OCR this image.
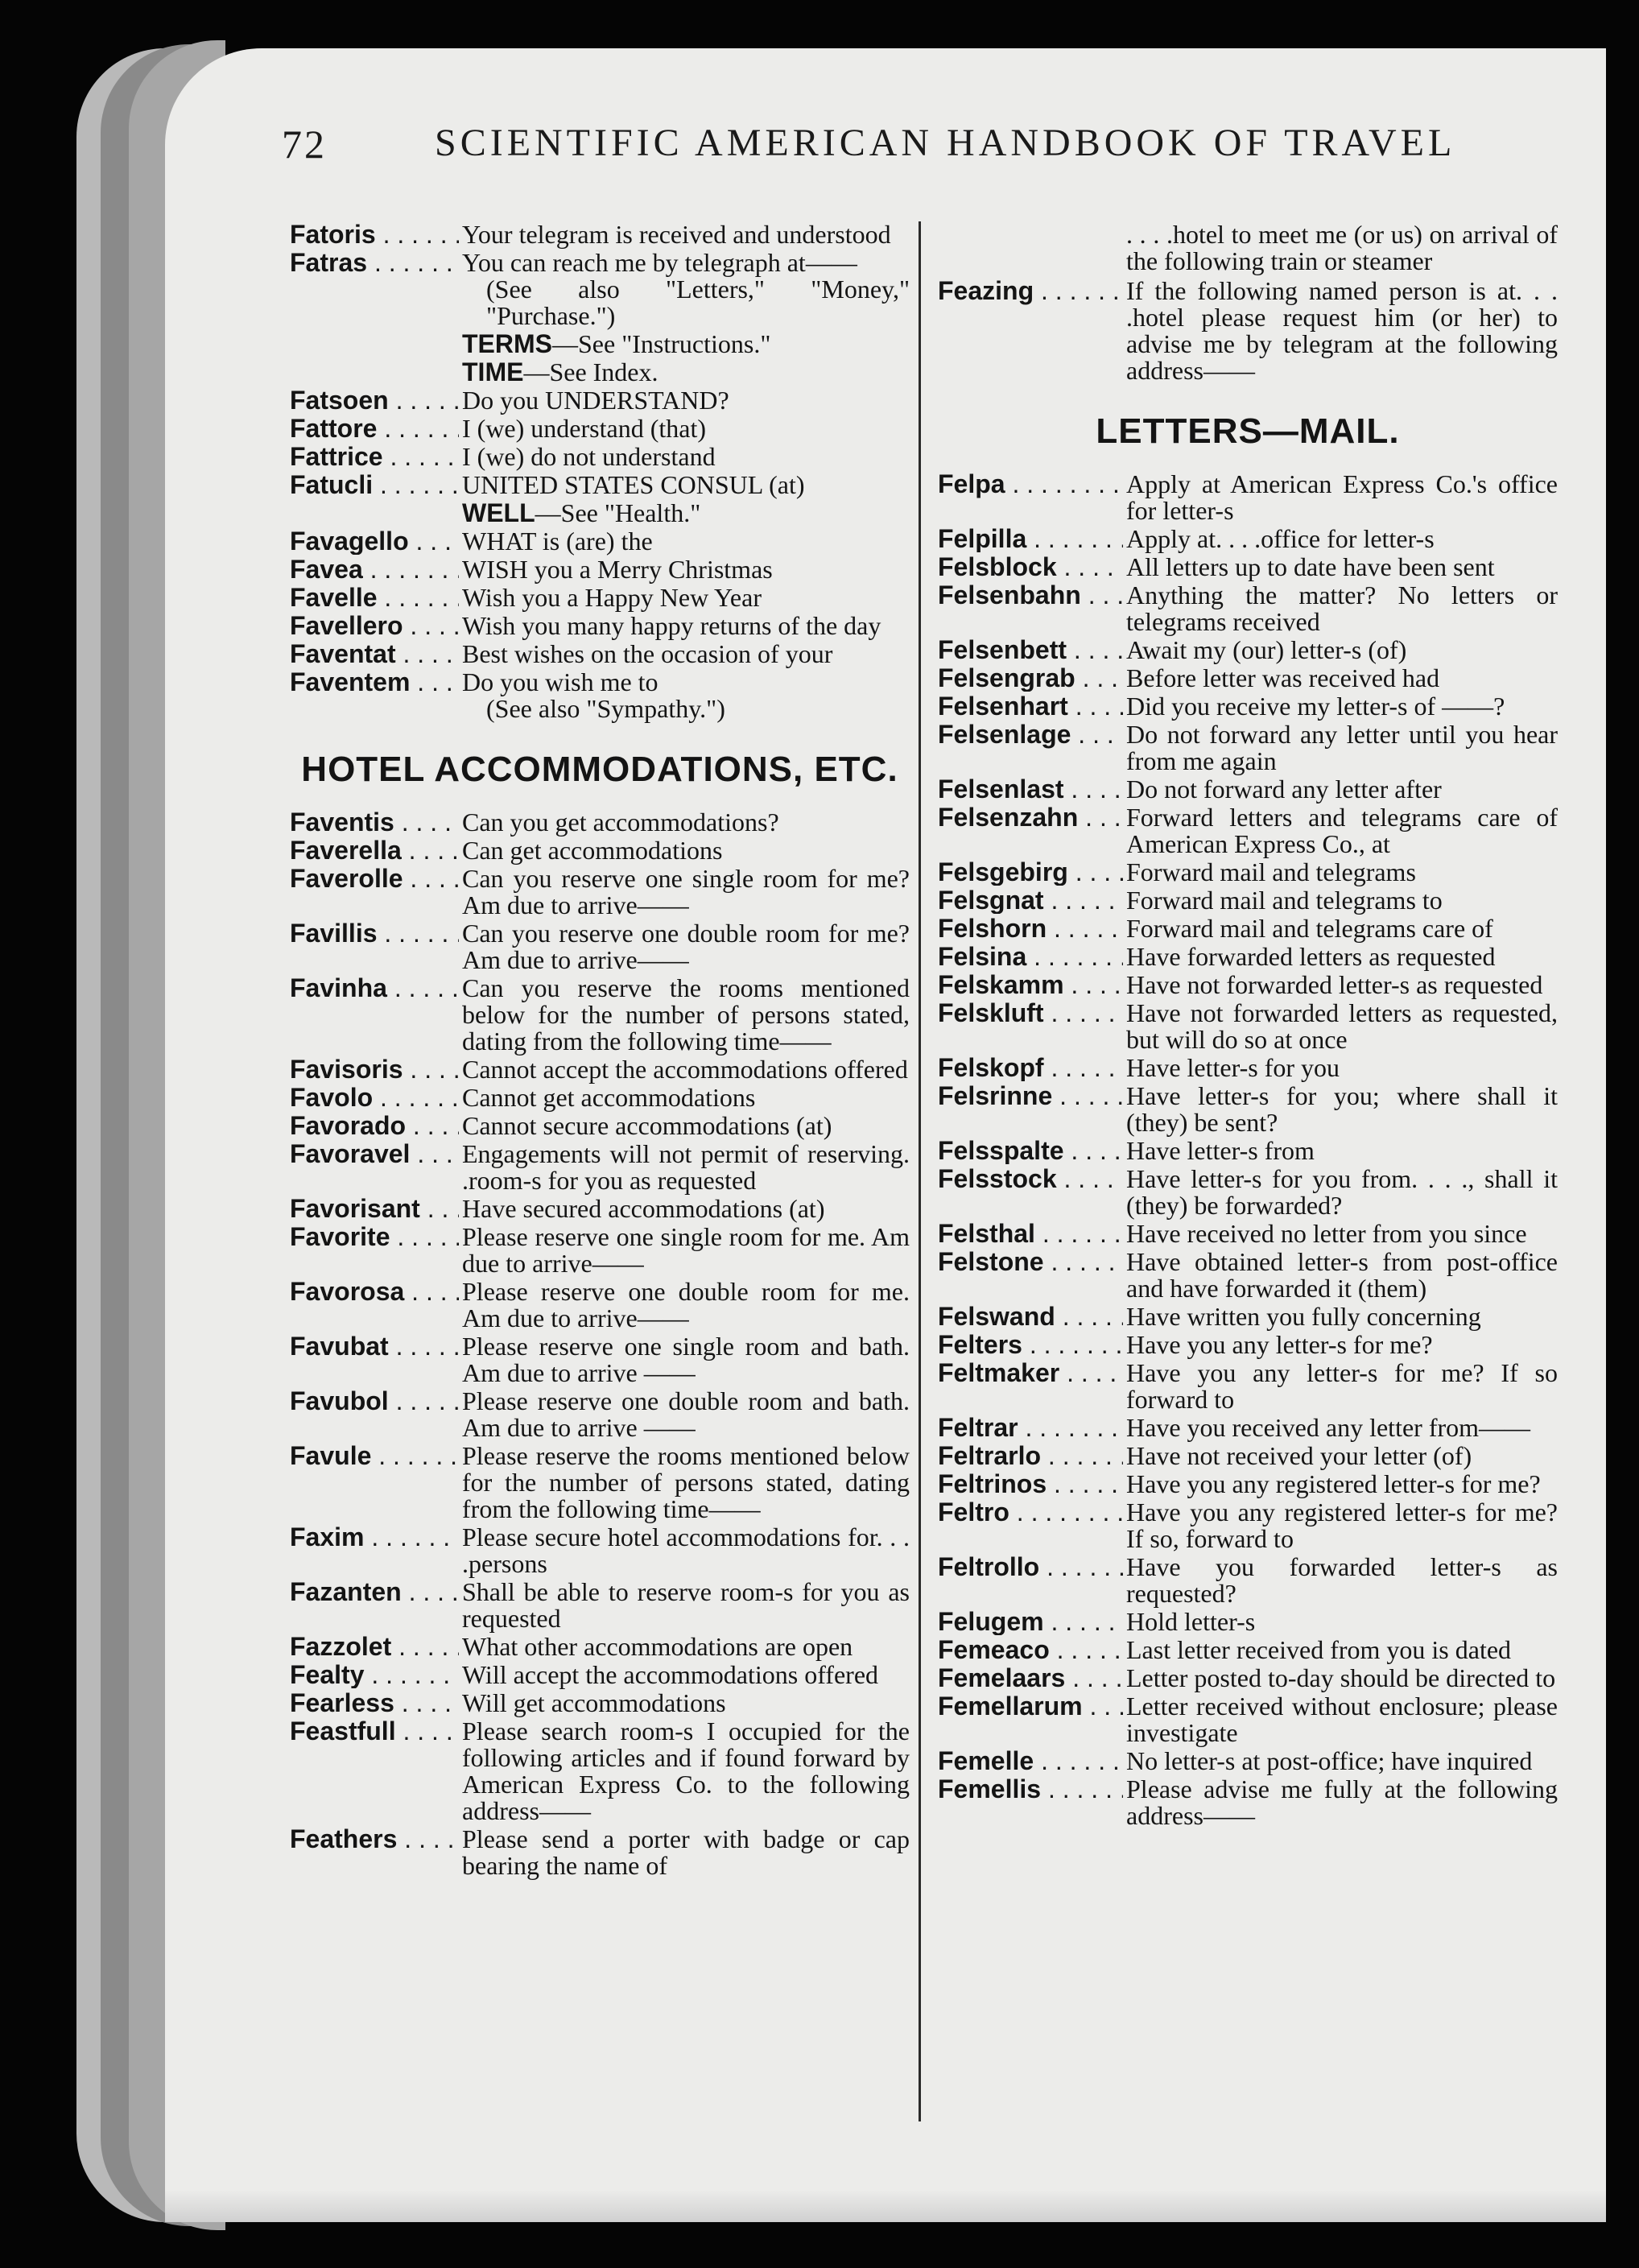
72	SCIENTIFIC AMERICAN HANDBOOK OF TRAVEL
Fatoris . . .	Your telegram is received and understood
Fatras . . .	You can reach me by telegraph at——
(See also "Letters," "Money," "Purchase.")
TERMS—See "Instructions."
TIME—See Index.
Fatsoen . . .	Do you UNDERSTAND?
Fattore . . .	I (we) understand (that)
Fattrice . . .	I (we) do not understand
Fatucli . . .	UNITED STATES CONSUL (at)
WELL—See "Health."
Favagello . . .	WHAT is (are) the
Favea . . .	WISH you a Merry Christmas
Favelle . . .	Wish you a Happy New Year
Favellero . . .	Wish you many happy returns of the day
Faventat . . .	Best wishes on the occasion of your
Faventem . . .	Do you wish me to
(See also "Sympathy.")
HOTEL ACCOMMODATIONS, ETC.
Faventis . . .	Can you get accommodations?
Faverella . . .	Can get accommodations
Faverolle . . .	Can you reserve one single room for me? Am due to arrive——
Favillis . . .	Can you reserve one double room for me? Am due to arrive——
Favinha . . .	Can you reserve the rooms mentioned below for the number of persons stated, dating from the following time——
Favisoris . . .	Cannot accept the accommodations offered
Favolo . . .	Cannot get accommodations
Favorado . . .	Cannot secure accommodations (at)
Favoravel . . .	Engagements will not permit of reserving. .room-s for you as requested
Favorisant . . .	Have secured accommodations (at)
Favorite . . .	Please reserve one single room for me. Am due to arrive——
Favorosa . . .	Please reserve one double room for me. Am due to arrive——
Favubat . . .	Please reserve one single room and bath. Am due to arrive ——
Favubol . . .	Please reserve one double room and bath. Am due to arrive ——
Favule . . .	Please reserve the rooms mentioned below for the number of persons stated, dating from the following time——
Faxim . . .	Please secure hotel accommodations for. . . .persons
Fazanten . . .	Shall be able to reserve room-s for you as requested
Fazzolet . . .	What other accommodations are open
Fealty . . .	Will accept the accommodations offered
Fearless . . .	Will get accommodations
Feastfull . . .	Please search room-s I occupied for the following articles and if found forward by American Express Co. to the following address——
Feathers . . .	Please send a porter with badge or cap bearing the name of
. . . .hotel to meet me (or us) on arrival of the following train or steamer
Feazing . . .	If the following named person is at. . . .hotel please request him (or her) to advise me by telegram at the following address——
LETTERS—MAIL.
Felpa . . .	Apply at American Express Co.'s office for letter-s
Felpilla . . .	Apply at. . . .office for letter-s
Felsblock . . .	All letters up to date have been sent
Felsenbahn . . .	Anything the matter? No letters or telegrams received
Felsenbett . . .	Await my (our) letter-s (of)
Felsengrab . . .	Before letter was received had
Felsenhart . . .	Did you receive my letter-s of ——?
Felsenlage . . .	Do not forward any letter until you hear from me again
Felsenlast . . .	Do not forward any letter after
Felsenzahn . . .	Forward letters and telegrams care of American Express Co., at
Felsgebirg . . .	Forward mail and telegrams
Felsgnat . . .	Forward mail and telegrams to
Felshorn . . .	Forward mail and telegrams care of
Felsina . . .	Have forwarded letters as requested
Felskamm . . .	Have not forwarded letter-s as requested
Felskluft . . .	Have not forwarded letters as requested, but will do so at once
Felskopf . . .	Have letter-s for you
Felsrinne . . .	Have letter-s for you; where shall it (they) be sent?
Felsspalte . . .	Have letter-s from
Felsstock . . .	Have letter-s for you from. . . ., shall it (they) be forwarded?
Felsthal . . .	Have received no letter from you since
Felstone . . .	Have obtained letter-s from post-office and have forwarded it (them)
Felswand . . .	Have written you fully concerning
Felters . . .	Have you any letter-s for me?
Feltmaker . . .	Have you any letter-s for me? If so forward to
Feltrar . . .	Have you received any letter from——
Feltrarlo . . .	Have not received your letter (of)
Feltrinos . . .	Have you any registered letter-s for me?
Feltro . . .	Have you any registered letter-s for me? If so, forward to
Feltrollo . . .	Have you forwarded letter-s as requested?
Felugem . . .	Hold letter-s
Femeaco . . .	Last letter received from you is dated
Femelaars . . .	Letter posted to-day should be directed to
Femellarum . . .	Letter received without enclosure; please investigate
Femelle . . .	No letter-s at post-office; have inquired
Femellis . . .	Please advise me fully at the following address——
